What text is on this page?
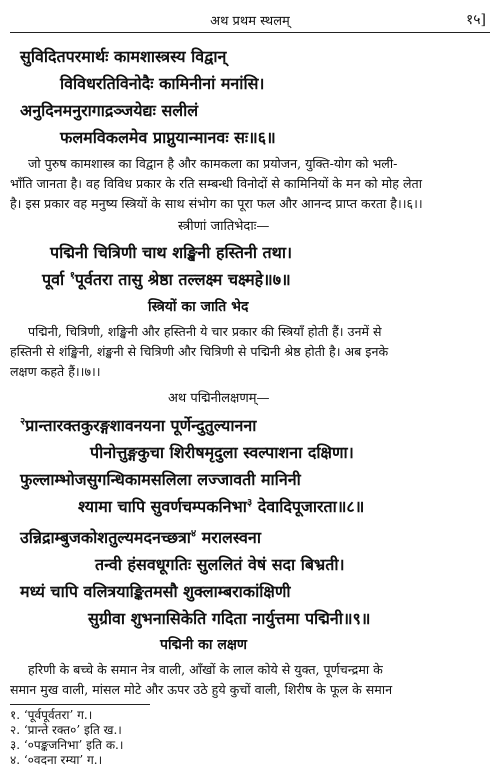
अथ प्रथम स्थलम्	१५]
सुविदितपरमार्थः कामशास्त्रस्य विद्वान्
विविधरतिविनोदैः कामिनीनां मनांसि।
अनुदिनमनुरागाद्रञ्जयेद्यः सलीलं
फलमविकलमेव प्राप्नुयान्मानवः सः॥६॥
जो पुरुष कामशास्त्र का विद्वान है और कामकला का प्रयोजन, युक्ति-योग को भली-
भाँति जानता है। वह विविध प्रकार के रति सम्बन्धी विनोदों से कामिनियों के मन को मोह लेता
है। इस प्रकार वह मनुष्य स्त्रियों के साथ संभोग का पूरा फल और आनन्द प्राप्त करता है।।६।।
स्त्रीणां जातिभेदाः—
पद्मिनी चित्रिणी चाथ शङ्खिनी हस्तिनी तथा।
पूर्वा $^१$पूर्वतरा तासु श्रेष्ठा तल्लक्ष्म चक्ष्महे॥७॥
स्त्रियों का जाति भेद
पद्मिनी, चित्रिणी, शङ्खिनी और हस्तिनी ये चार प्रकार की स्त्रियाँ होती हैं। उनमें से
हस्तिनी से शंङ्खिनी, शंङ्खनी से चित्रिणी और चित्रिणी से पद्मिनी श्रेष्ठ होती है। अब इनके
लक्षण कहते हैं।।७।।
अथ पद्मिनीलक्षणम्—
$^२$प्रान्तारक्तकुरङ्गशावनयना पूर्णेन्दुतुल्यानना
पीनोत्तुङ्गकुचा शिरीषमृदुला स्वल्पाशना दक्षिणा।
फुल्लाम्भोजसुगन्धिकामसलिला लज्जावती मानिनी
श्यामा चापि सुवर्णचम्पकनिभा$^३$ देवादिपूजारता॥८॥
उन्निद्राम्बुजकोशतुल्यमदनच्छत्रा$^४$ मरालस्वना
तन्वी हंसवधूगतिः सुललितं वेषं सदा बिभ्रती।
मध्यं चापि वलित्रयाङ्कितमसौ शुक्लाम्बराकांक्षिणी
सुग्रीवा शुभनासिकेति गदिता नार्युत्तमा पद्मिनी॥९॥
पद्मिनी का लक्षण
हरिणी के बच्चे के समान नेत्र वाली, आँखों के लाल कोये से युक्त, पूर्णचन्द्रमा के
समान मुख वाली, मांसल मोटे और ऊपर उठे हुये कुचों वाली, शिरीष के फूल के समान
१. ‘पूर्वपूर्वतरा’ ग.।
२. ‘प्रान्ते रक्त०’ इति ख.।
३. ‘०पङ्कजनिभा’ इति क.।
४. ‘०वदना रम्या’ ग.।
